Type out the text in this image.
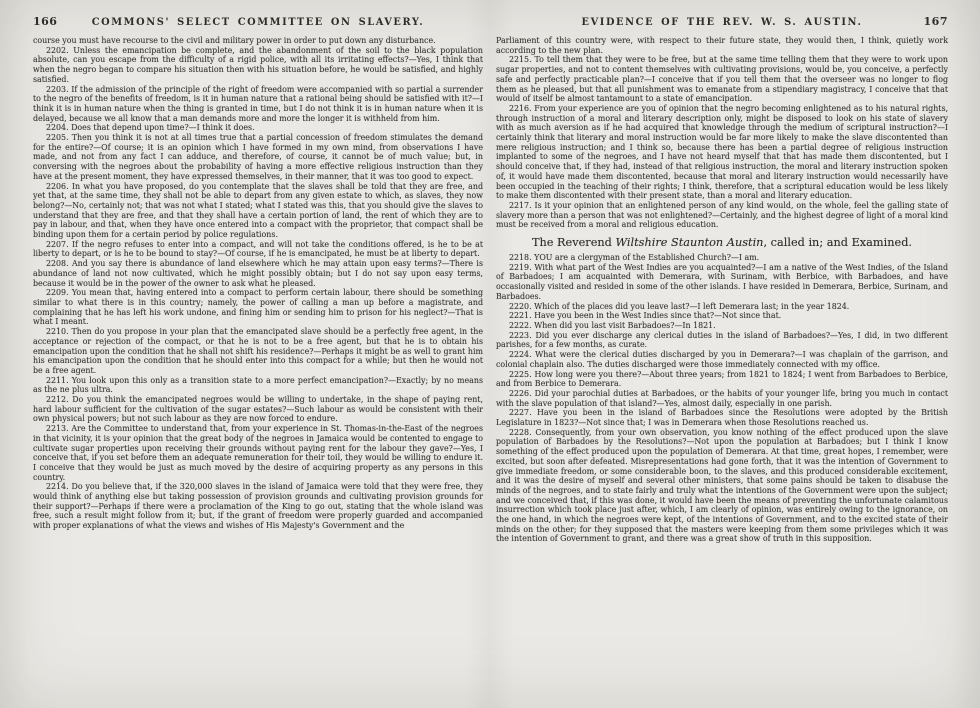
166	COMMONS' SELECT COMMITTEE ON SLAVERY.

course you must have recourse to the civil and military power in order to put down any disturbance.

2202. Unless the emancipation be complete, and the abandonment of the soil to the black population absolute, can you escape from the difficulty of a rigid police, with all its irritating effects?—Yes, I think that when the negro began to compare his situation then with his situation before, he would be satisfied, and highly satisfied.

2203. If the admission of the principle of the right of freedom were accompanied with so partial a surrender to the negro of the benefits of freedom, is it in human nature that a rational being should be satisfied with it?—I think it is in human nature when the thing is granted in time, but I do not think it is in human nature when it is delayed, because we all know that a man demands more and more the longer it is withheld from him.

2204. Does that depend upon time?—I think it does.

2205. Then you think it is not at all times true that a partial concession of freedom stimulates the demand for the entire?—Of course; it is an opinion which I have formed in my own mind, from observations I have made, and not from any fact I can adduce, and therefore, of course, it cannot be of much value; but, in conversing with the negroes about the probability of having a more effective religious instruction than they have at the present moment, they have expressed themselves, in their manner, that it was too good to expect.

2206. In what you have proposed, do you contemplate that the slaves shall be told that they are free, and yet that, at the same time, they shall not be able to depart from any given estate to which, as slaves, they now belong?—No, certainly not; that was not what I stated; what I stated was this, that you should give the slaves to understand that they are free, and that they shall have a certain portion of land, the rent of which they are to pay in labour, and that, when they have once entered into a compact with the proprietor, that compact shall be binding upon them for a certain period by police regulations.

2207. If the negro refuses to enter into a compact, and will not take the conditions offered, is he to be at liberty to depart, or is he to be bound to stay?—Of course, if he is emancipated, he must be at liberty to depart.

2208. And you say there is abundance of land elsewhere which he may attain upon easy terms?—There is abundance of land not now cultivated, which he might possibly obtain; but I do not say upon easy terms, because it would be in the power of the owner to ask what he pleased.

2209. You mean that, having entered into a compact to perform certain labour, there should be something similar to what there is in this country; namely, the power of calling a man up before a magistrate, and complaining that he has left his work undone, and fining him or sending him to prison for his neglect?—That is what I meant.

2210. Then do you propose in your plan that the emancipated slave should be a perfectly free agent, in the acceptance or rejection of the compact, or that he is not to be a free agent, but that he is to obtain his emancipation upon the condition that he shall not shift his residence?—Perhaps it might be as well to grant him his emancipation upon the condition that he should enter into this compact for a while; but then he would not be a free agent.

2211. You look upon this only as a transition state to a more perfect emancipation?—Exactly; by no means as the ne plus ultra.

2212. Do you think the emancipated negroes would be willing to undertake, in the shape of paying rent, hard labour sufficient for the cultivation of the sugar estates?—Such labour as would be consistent with their own physical powers; but not such labour as they are now forced to endure.

2213. Are the Committee to understand that, from your experience in St. Thomas-in-the-East of the negroes in that vicinity, it is your opinion that the great body of the negroes in Jamaica would be contented to engage to cultivate sugar properties upon receiving their grounds without paying rent for the labour they gave?—Yes, I conceive that, if you set before them an adequate remuneration for their toil, they would be willing to endure it. I conceive that they would be just as much moved by the desire of acquiring property as any persons in this country.

2214. Do you believe that, if the 320,000 slaves in the island of Jamaica were told that they were free, they would think of anything else but taking possession of provision grounds and cultivating provision grounds for their support?—Perhaps if there were a proclamation of the King to go out, stating that the whole island was free, such a result might follow from it; but, if the grant of freedom were properly guarded and accompanied with proper explanations of what the views and wishes of His Majesty's Government and the

EVIDENCE OF THE REV. W. S. AUSTIN.	167

Parliament of this country were, with respect to their future state, they would then, I think, quietly work according to the new plan.

2215. To tell them that they were to be free, but at the same time telling them that they were to work upon sugar properties, and not to content themselves with cultivating provisions, would be, you conceive, a perfectly safe and perfectly practicable plan?—I conceive that if you tell them that the overseer was no longer to flog them as he pleased, but that all punishment was to emanate from a stipendiary magistracy, I conceive that that would of itself be almost tantamount to a state of emancipation.

2216. From your experience are you of opinion that the negro becoming enlightened as to his natural rights, through instruction of a moral and literary description only, might be disposed to look on his state of slavery with as much aversion as if he had acquired that knowledge through the medium of scriptural instruction?—I certainly think that literary and moral instruction would be far more likely to make the slave discontented than mere religious instruction; and I think so, because there has been a partial degree of religious instruction implanted to some of the negroes, and I have not heard myself that that has made them discontented, but I should conceive that, if they had, instead of that religious instruction, the moral and literary instruction spoken of, it would have made them discontented, because that moral and literary instruction would necessarily have been occupied in the teaching of their rights; I think, therefore, that a scriptural education would be less likely to make them discontented with their present state, than a moral and literary education.

2217. Is it your opinion that an enlightened person of any kind would, on the whole, feel the galling state of slavery more than a person that was not enlightened?—Certainly, and the highest degree of light of a moral kind must be received from a moral and religious education.

The Reverend Wiltshire Staunton Austin, called in; and Examined.

2218. YOU are a clergyman of the Established Church?—I am.

2219. With what part of the West Indies are you acquainted?—I am a native of the West Indies, of the Island of Barbadoes; I am acquainted with Demerara, with Surinam, with Berbice, with Barbadoes, and have occasionally visited and resided in some of the other islands. I have resided in Demerara, Berbice, Surinam, and Barbadoes.

2220. Which of the places did you leave last?—I left Demerara last; in the year 1824.

2221. Have you been in the West Indies since that?—Not since that.

2222. When did you last visit Barbadoes?—In 1821.

2223. Did you ever discharge any clerical duties in the island of Barbadoes?—Yes, I did, in two different parishes, for a few months, as curate.

2224. What were the clerical duties discharged by you in Demerara?—I was chaplain of the garrison, and colonial chaplain also. The duties discharged were those immediately connected with my office.

2225. How long were you there?—About three years; from 1821 to 1824; I went from Barbadoes to Berbice, and from Berbice to Demerara.

2226. Did your parochial duties at Barbadoes, or the habits of your younger life, bring you much in contact with the slave population of that island?—Yes, almost daily, especially in one parish.

2227. Have you been in the island of Barbadoes since the Resolutions were adopted by the British Legislature in 1823?—Not since that; I was in Demerara when those Resolutions reached us.

2228. Consequently, from your own observation, you know nothing of the effect produced upon the slave population of Barbadoes by the Resolutions?—Not upon the population at Barbadoes; but I think I know something of the effect produced upon the population of Demerara. At that time, great hopes, I remember, were excited, but soon after defeated. Misrepresentations had gone forth, that it was the intention of Government to give immediate freedom, or some considerable boon, to the slaves, and this produced considerable excitement, and it was the desire of myself and several other ministers, that some pains should be taken to disabuse the minds of the negroes, and to state fairly and truly what the intentions of the Government were upon the subject; and we conceived that, if this was done, it would have been the means of preventing the unfortunate calamitous insurrection which took place just after, which, I am clearly of opinion, was entirely owing to the ignorance, on the one hand, in which the negroes were kept, of the intentions of Government, and to the excited state of their minds on the other; for they supposed that the masters were keeping from them some privileges which it was the intention of Government to grant, and there was a great show of truth in this supposition.
